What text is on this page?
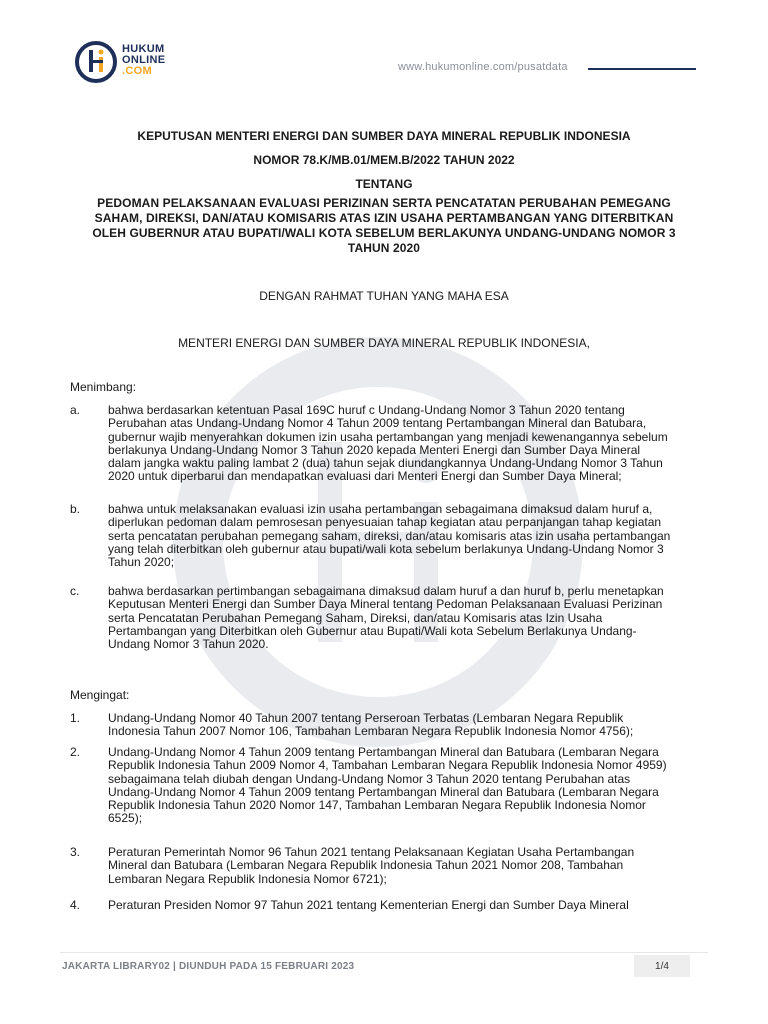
HUKUM
ONLINE
.COM	www.hukumonline.com/pusatdata
KEPUTUSAN MENTERI ENERGI DAN SUMBER DAYA MINERAL REPUBLIK INDONESIA
NOMOR 78.K/MB.01/MEM.B/2022 TAHUN 2022
TENTANG
PEDOMAN PELAKSANAAN EVALUASI PERIZINAN SERTA PENCATATAN PERUBAHAN PEMEGANG
SAHAM, DIREKSI, DAN/ATAU KOMISARIS ATAS IZIN USAHA PERTAMBANGAN YANG DITERBITKAN
OLEH GUBERNUR ATAU BUPATI/WALI KOTA SEBELUM BERLAKUNYA UNDANG-UNDANG NOMOR 3
TAHUN 2020
DENGAN RAHMAT TUHAN YANG MAHA ESA
MENTERI ENERGI DAN SUMBER DAYA MINERAL REPUBLIK INDONESIA,
Menimbang:
a.	bahwa berdasarkan ketentuan Pasal 169C huruf c Undang-Undang Nomor 3 Tahun 2020 tentang
Perubahan atas Undang-Undang Nomor 4 Tahun 2009 tentang Pertambangan Mineral dan Batubara,
gubernur wajib menyerahkan dokumen izin usaha pertambangan yang menjadi kewenangannya sebelum
berlakunya Undang-Undang Nomor 3 Tahun 2020 kepada Menteri Energi dan Sumber Daya Mineral
dalam jangka waktu paling lambat 2 (dua) tahun sejak diundangkannya Undang-Undang Nomor 3 Tahun
2020 untuk diperbarui dan mendapatkan evaluasi dari Menteri Energi dan Sumber Daya Mineral;
b.	bahwa untuk melaksanakan evaluasi izin usaha pertambangan sebagaimana dimaksud dalam huruf a,
diperlukan pedoman dalam pemrosesan penyesuaian tahap kegiatan atau perpanjangan tahap kegiatan
serta pencatatan perubahan pemegang saham, direksi, dan/atau komisaris atas izin usaha pertambangan
yang telah diterbitkan oleh gubernur atau bupati/wali kota sebelum berlakunya Undang-Undang Nomor 3
Tahun 2020;
c.	bahwa berdasarkan pertimbangan sebagaimana dimaksud dalam huruf a dan huruf b, perlu menetapkan
Keputusan Menteri Energi dan Sumber Daya Mineral tentang Pedoman Pelaksanaan Evaluasi Perizinan
serta Pencatatan Perubahan Pemegang Saham, Direksi, dan/atau Komisaris atas Izin Usaha
Pertambangan yang Diterbitkan oleh Gubernur atau Bupati/Wali kota Sebelum Berlakunya Undang-
Undang Nomor 3 Tahun 2020.
Mengingat:
1.	Undang-Undang Nomor 40 Tahun 2007 tentang Perseroan Terbatas (Lembaran Negara Republik
Indonesia Tahun 2007 Nomor 106, Tambahan Lembaran Negara Republik Indonesia Nomor 4756);
2.	Undang-Undang Nomor 4 Tahun 2009 tentang Pertambangan Mineral dan Batubara (Lembaran Negara
Republik Indonesia Tahun 2009 Nomor 4, Tambahan Lembaran Negara Republik Indonesia Nomor 4959)
sebagaimana telah diubah dengan Undang-Undang Nomor 3 Tahun 2020 tentang Perubahan atas
Undang-Undang Nomor 4 Tahun 2009 tentang Pertambangan Mineral dan Batubara (Lembaran Negara
Republik Indonesia Tahun 2020 Nomor 147, Tambahan Lembaran Negara Republik Indonesia Nomor
6525);
3.	Peraturan Pemerintah Nomor 96 Tahun 2021 tentang Pelaksanaan Kegiatan Usaha Pertambangan
Mineral dan Batubara (Lembaran Negara Republik Indonesia Tahun 2021 Nomor 208, Tambahan
Lembaran Negara Republik Indonesia Nomor 6721);
4.	Peraturan Presiden Nomor 97 Tahun 2021 tentang Kementerian Energi dan Sumber Daya Mineral
JAKARTA LIBRARY02 | DIUNDUH PADA 15 FEBRUARI 2023	1/4
